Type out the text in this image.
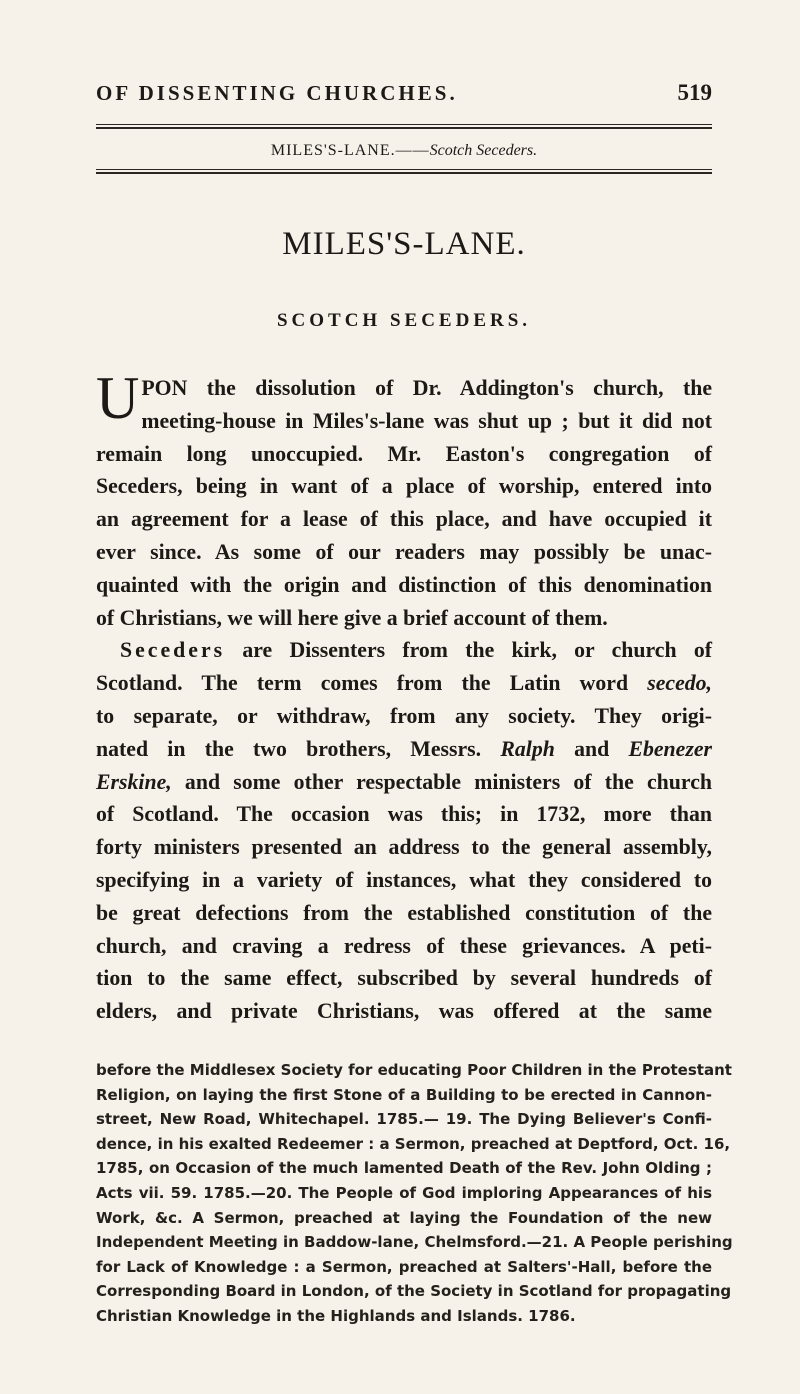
OF DISSENTING CHURCHES.	519
MILES'S-LANE.——Scotch Seceders.
MILES'S-LANE.
SCOTCH SECEDERS.
U PON the dissolution of Dr. Addington's church, the
meeting-house in Miles's-lane was shut up ; but it did not
remain long unoccupied. Mr. Easton's congregation of
Seceders, being in want of a place of worship, entered into
an agreement for a lease of this place, and have occupied it
ever since. As some of our readers may possibly be unac-
quainted with the origin and distinction of this denomination
of Christians, we will here give a brief account of them.
Seceders are Dissenters from the kirk, or church of
Scotland. The term comes from the Latin word secedo,
to separate, or withdraw, from any society. They origi-
nated in the two brothers, Messrs. Ralph and Ebenezer
Erskine, and some other respectable ministers of the church
of Scotland. The occasion was this; in 1732, more than
forty ministers presented an address to the general assembly,
specifying in a variety of instances, what they considered to
be great defections from the established constitution of the
church, and craving a redress of these grievances. A peti-
tion to the same effect, subscribed by several hundreds of
elders, and private Christians, was offered at the same
before the Middlesex Society for educating Poor Children in the Protestant
Religion, on laying the first Stone of a Building to be erected in Cannon-
street, New Road, Whitechapel. 1785.— 19. The Dying Believer's Confi-
dence, in his exalted Redeemer : a Sermon, preached at Deptford, Oct. 16,
1785, on Occasion of the much lamented Death of the Rev. John Olding ;
Acts vii. 59. 1785.—20. The People of God imploring Appearances of his
Work, &c. A Sermon, preached at laying the Foundation of the new
Independent Meeting in Baddow-lane, Chelmsford.—21. A People perishing
for Lack of Knowledge : a Sermon, preached at Salters'-Hall, before the
Corresponding Board in London, of the Society in Scotland for propagating
Christian Knowledge in the Highlands and Islands. 1786.
